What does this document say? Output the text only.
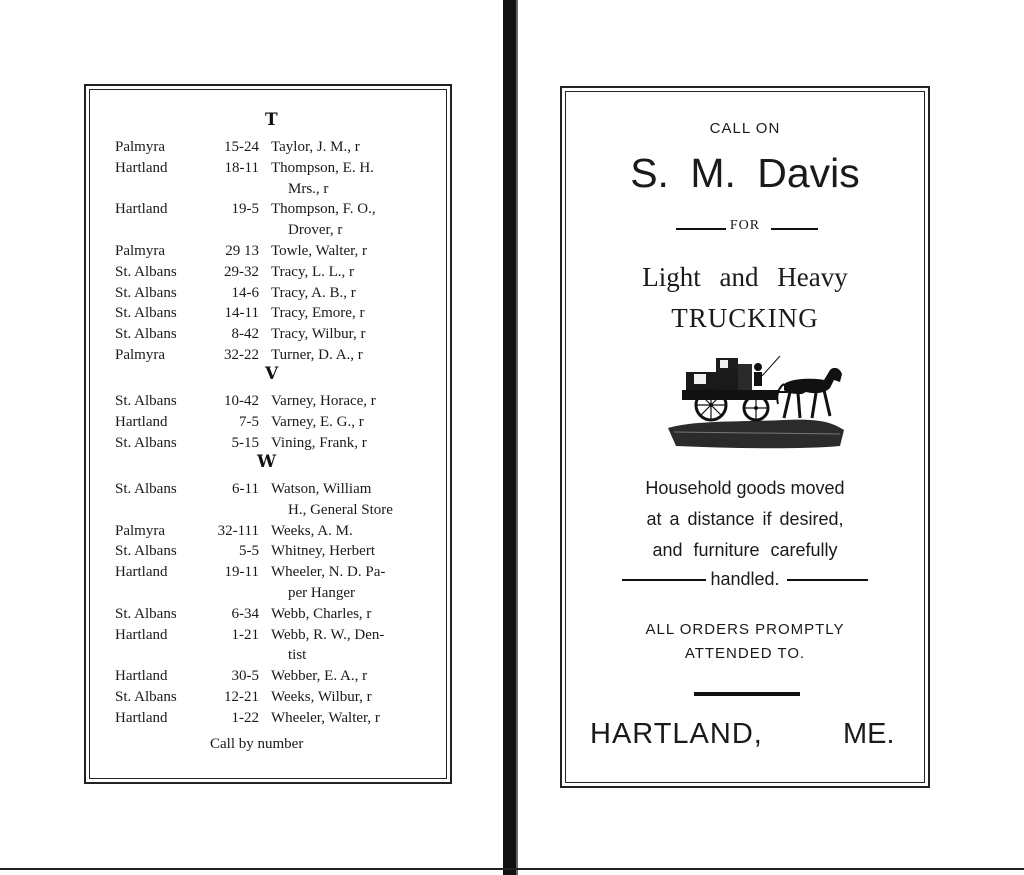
T
Palmyra	15-24 Taylor, J. M., r
Hartland	18-11 Thompson, E. H.
Mrs., r
Hartland	19-5 Thompson, F. O.,
Drover, r
Palmyra	29 13 Towle, Walter, r
St. Albans	29-32 Tracy, L. L., r
St. Albans	14-6 Tracy, A. B., r
St. Albans	14-11 Tracy, Emore, r
St. Albans	8-42 Tracy, Wilbur, r
Palmyra	32-22 Turner, D. A., r
V
St. Albans	10-42 Varney, Horace, r
Hartland	7-5 Varney, E. G., r
St. Albans	5-15 Vining, Frank, r
W
St. Albans	6-11 Watson, William
H., General Store
Palmyra	32-111 Weeks, A. M.
St. Albans	5-5 Whitney, Herbert
Hartland	19-11 Wheeler, N. D. Pa-
per Hanger
St. Albans	6-34 Webb, Charles, r
Hartland	1-21 Webb, R. W., Den-
tist
Hartland	30-5 Webber, E. A., r
St. Albans	12-21 Weeks, Wilbur, r
Hartland	1-22 Wheeler, Walter, r
Call by number
CALL ON
S. M. Davis
FOR
Light and Heavy
TRUCKING
Household goods moved
at a distance if desired,
and furniture carefully
handled.
ALL ORDERS PROMPTLY
ATTENDED TO.
HARTLAND,	ME.
